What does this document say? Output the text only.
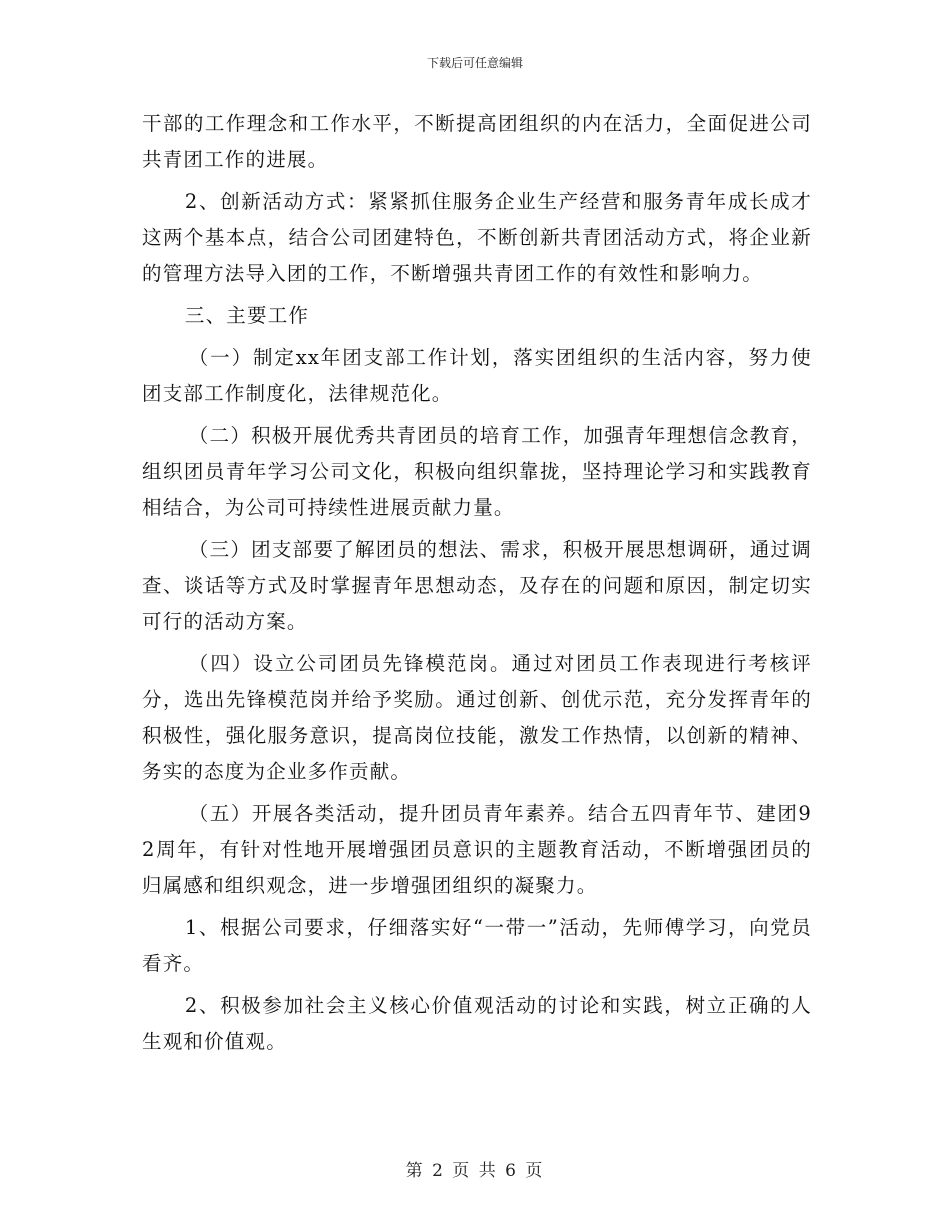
下载后可任意编辑

干部的工作理念和工作水平，不断提高团组织的内在活力，全面促进公司共青团工作的进展。

2、创新活动方式：紧紧抓住服务企业生产经营和服务青年成长成才这两个基本点，结合公司团建特色，不断创新共青团活动方式，将企业新的管理方法导入团的工作，不断增强共青团工作的有效性和影响力。

三、主要工作

（一）制定xx年团支部工作计划，落实团组织的生活内容，努力使团支部工作制度化，法律规范化。

（二）积极开展优秀共青团员的培育工作，加强青年理想信念教育，组织团员青年学习公司文化，积极向组织靠拢，坚持理论学习和实践教育相结合，为公司可持续性进展贡献力量。

（三）团支部要了解团员的想法、需求，积极开展思想调研，通过调查、谈话等方式及时掌握青年思想动态，及存在的问题和原因，制定切实可行的活动方案。

（四）设立公司团员先锋模范岗。通过对团员工作表现进行考核评分，选出先锋模范岗并给予奖励。通过创新、创优示范，充分发挥青年的积极性，强化服务意识，提高岗位技能，激发工作热情，以创新的精神、务实的态度为企业多作贡献。

（五）开展各类活动，提升团员青年素养。结合五四青年节、建团92周年，有针对性地开展增强团员意识的主题教育活动，不断增强团员的归属感和组织观念，进一步增强团组织的凝聚力。

1、根据公司要求，仔细落实好“一带一”活动，先师傅学习，向党员看齐。

2、积极参加社会主义核心价值观活动的讨论和实践，树立正确的人生观和价值观。

第 2 页 共 6 页
